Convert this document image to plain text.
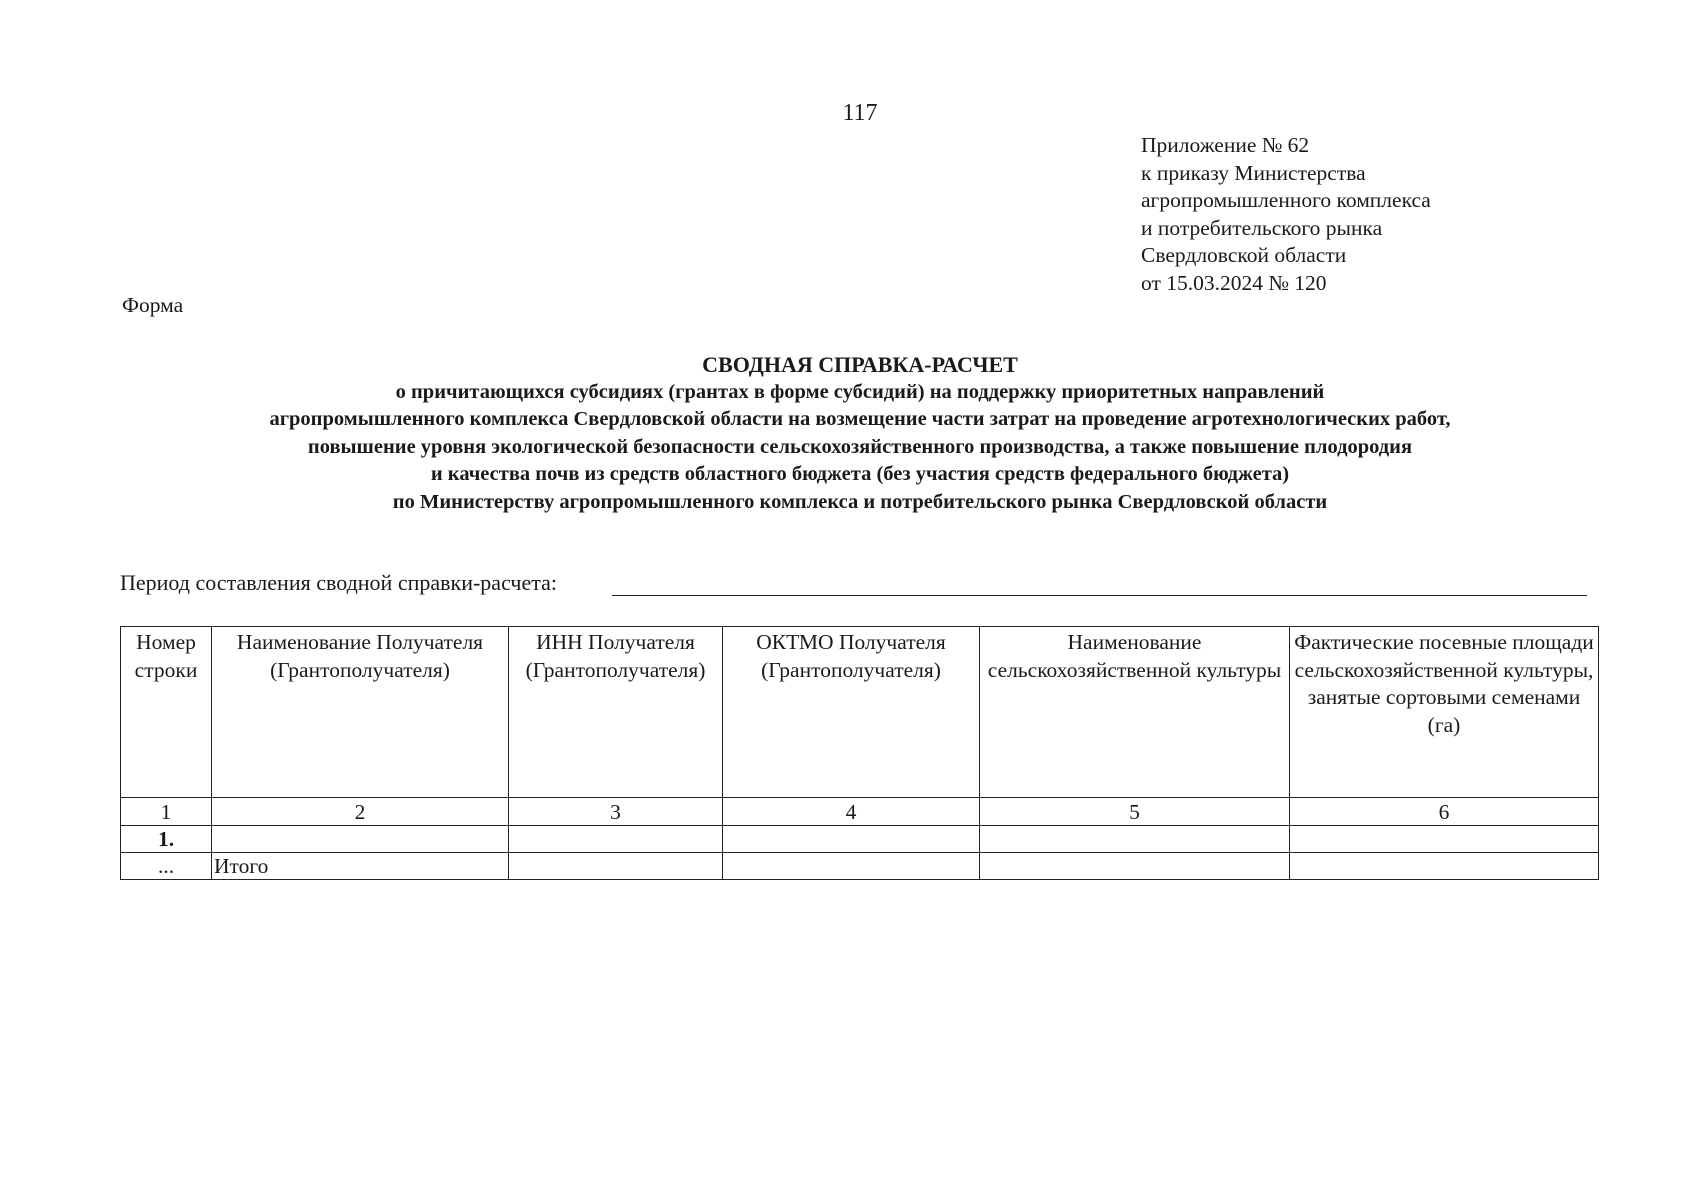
117
Приложение № 62
к приказу Министерства
агропромышленного комплекса
и потребительского рынка
Свердловской области
от 15.03.2024 № 120
Форма
СВОДНАЯ СПРАВКА-РАСЧЕТ
о причитающихся субсидиях (грантах в форме субсидий) на поддержку приоритетных направлений
агропромышленного комплекса Свердловской области на возмещение части затрат на проведение агротехнологических работ,
повышение уровня экологической безопасности сельскохозяйственного производства, а также повышение плодородия
и качества почв из средств областного бюджета (без участия средств федерального бюджета)
по Министерству агропромышленного комплекса и потребительского рынка Свердловской области
Период составления сводной справки-расчета:
Номер строки	Наименование Получателя (Грантополучателя)	ИНН Получателя (Грантополучателя)	ОКТМО Получателя (Грантополучателя)	Наименование сельскохозяйственной культуры	Фактические посевные площади сельскохозяйственной культуры, занятые сортовыми семенами (га)
1	2	3	4	5	6
1.					
...	Итого				
